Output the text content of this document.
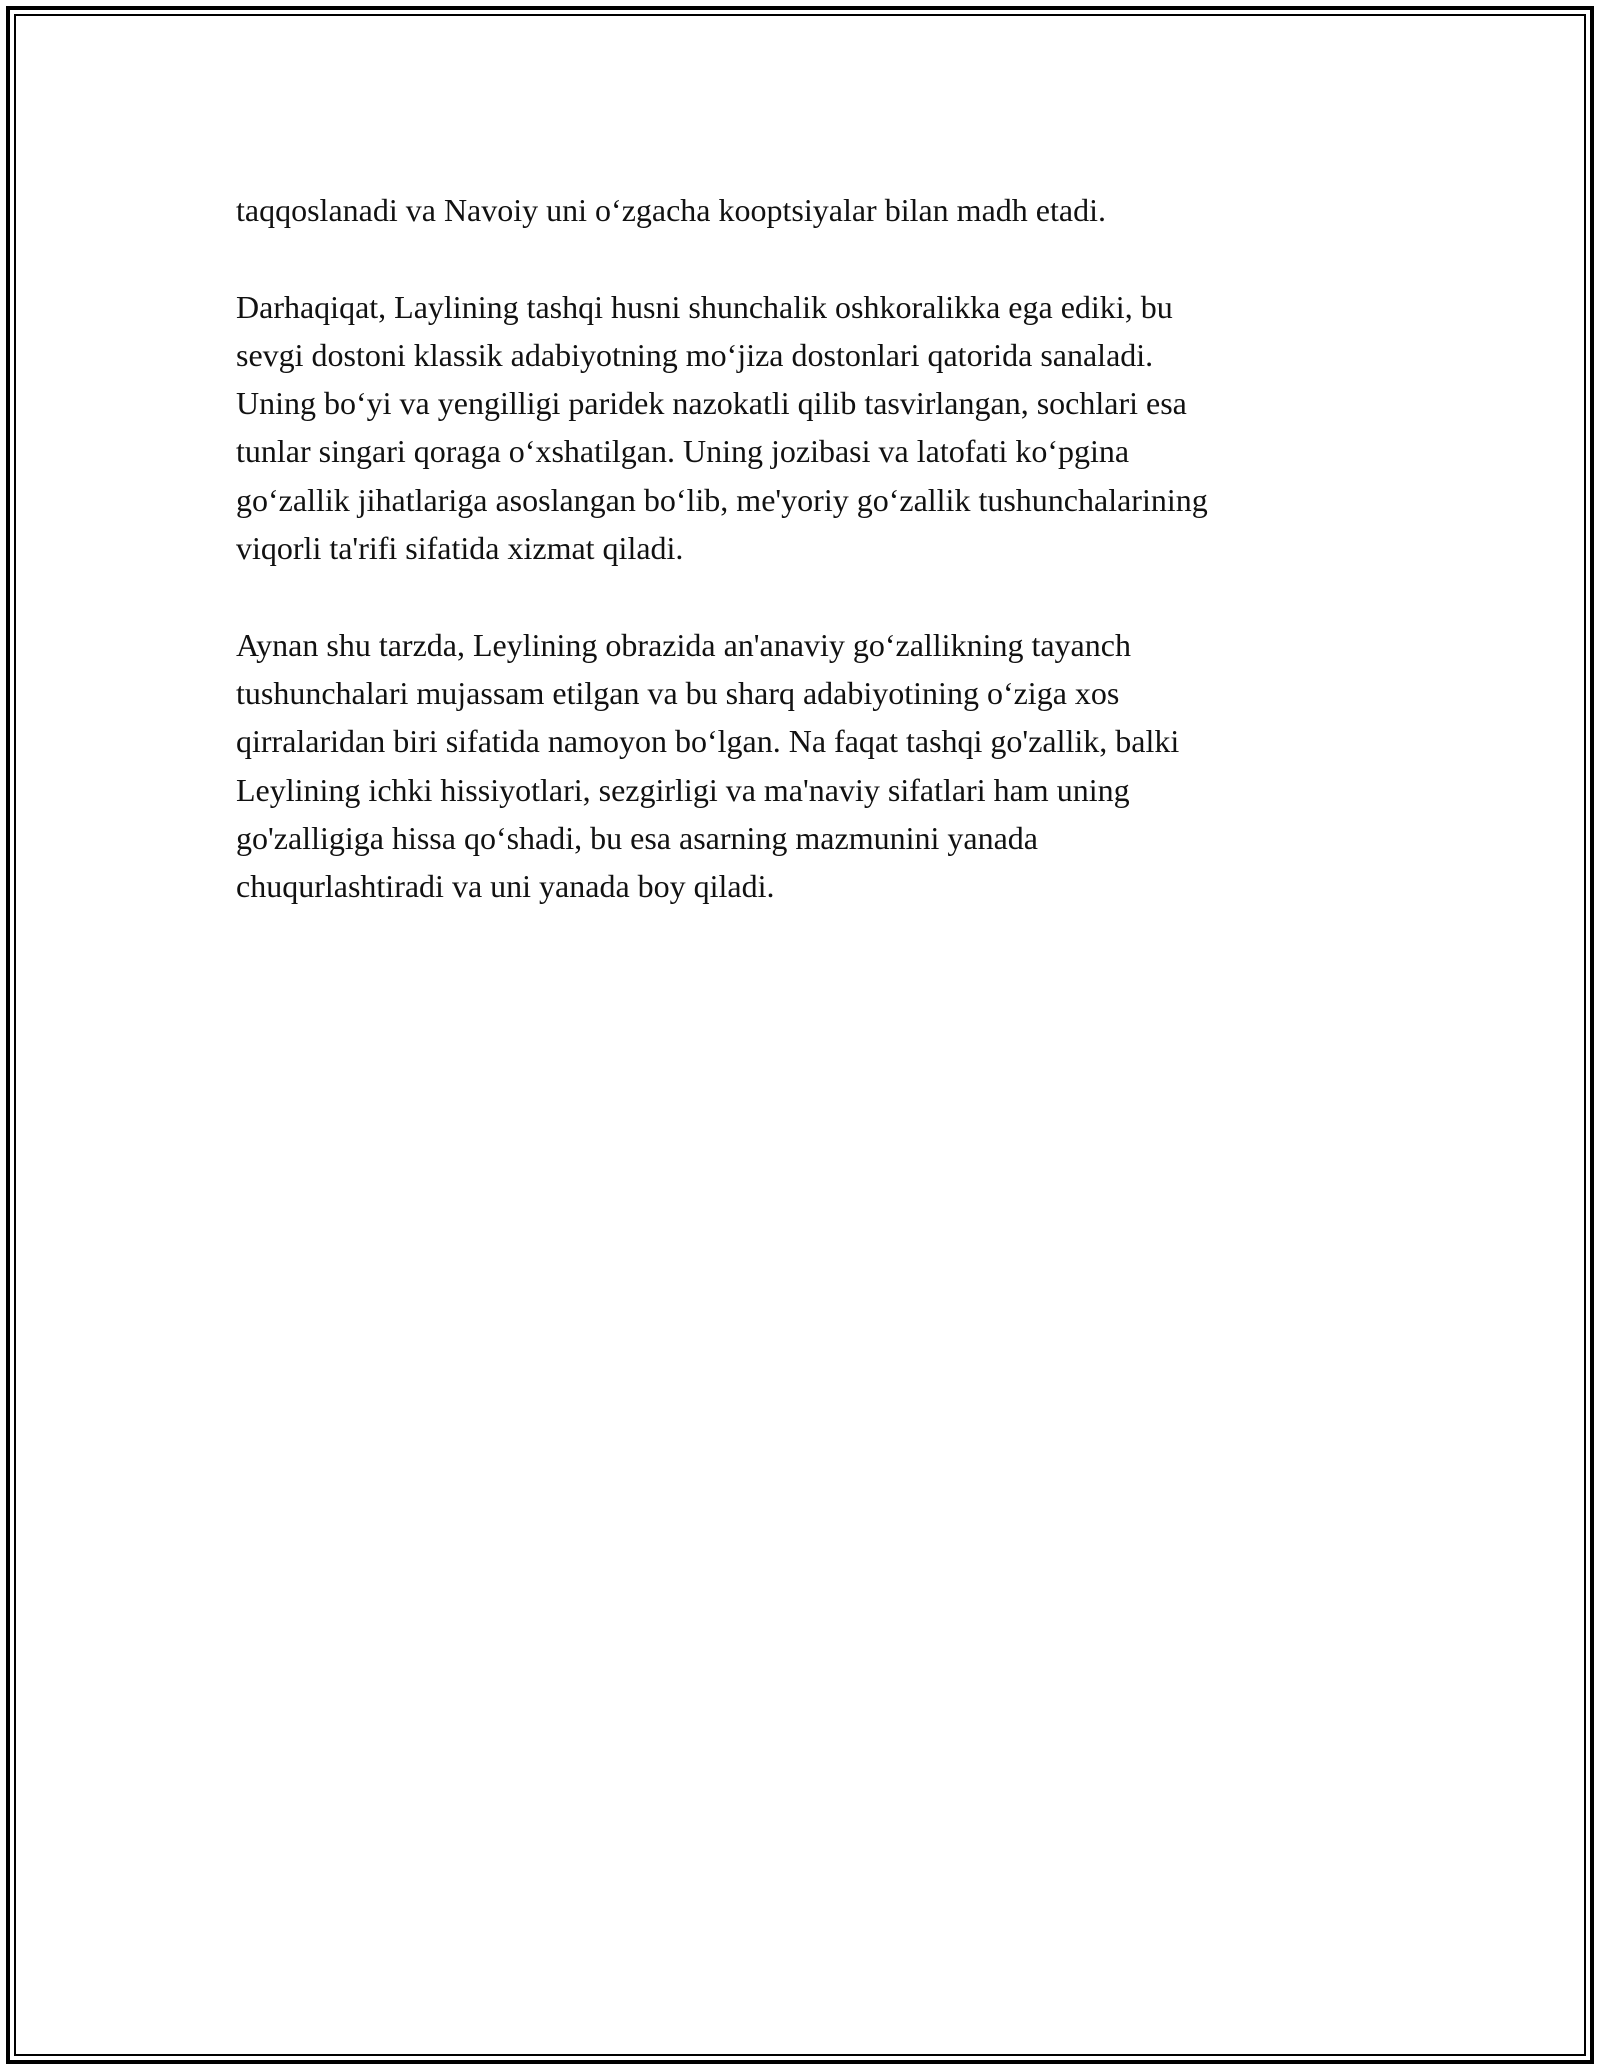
taqqoslanadi va Navoiy uni o‘zgacha kooptsiyalar bilan madh etadi.

Darhaqiqat, Laylining tashqi husni shunchalik oshkoralikka ega ediki, bu
sevgi dostoni klassik adabiyotning mo‘jiza dostonlari qatorida sanaladi.
Uning bo‘yi va yengilligi paridek nazokatli qilib tasvirlangan, sochlari esa
tunlar singari qoraga o‘xshatilgan. Uning jozibasi va latofati ko‘pgina
go‘zallik jihatlariga asoslangan bo‘lib, me'yoriy go‘zallik tushunchalarining
viqorli ta'rifi sifatida xizmat qiladi.

Aynan shu tarzda, Leylining obrazida an'anaviy go‘zallikning tayanch
tushunchalari mujassam etilgan va bu sharq adabiyotining o‘ziga xos
qirralaridan biri sifatida namoyon bo‘lgan. Na faqat tashqi go'zallik, balki
Leylining ichki hissiyotlari, sezgirligi va ma'naviy sifatlari ham uning
go'zalligiga hissa qo‘shadi, bu esa asarning mazmunini yanada
chuqurlashtiradi va uni yanada boy qiladi.
